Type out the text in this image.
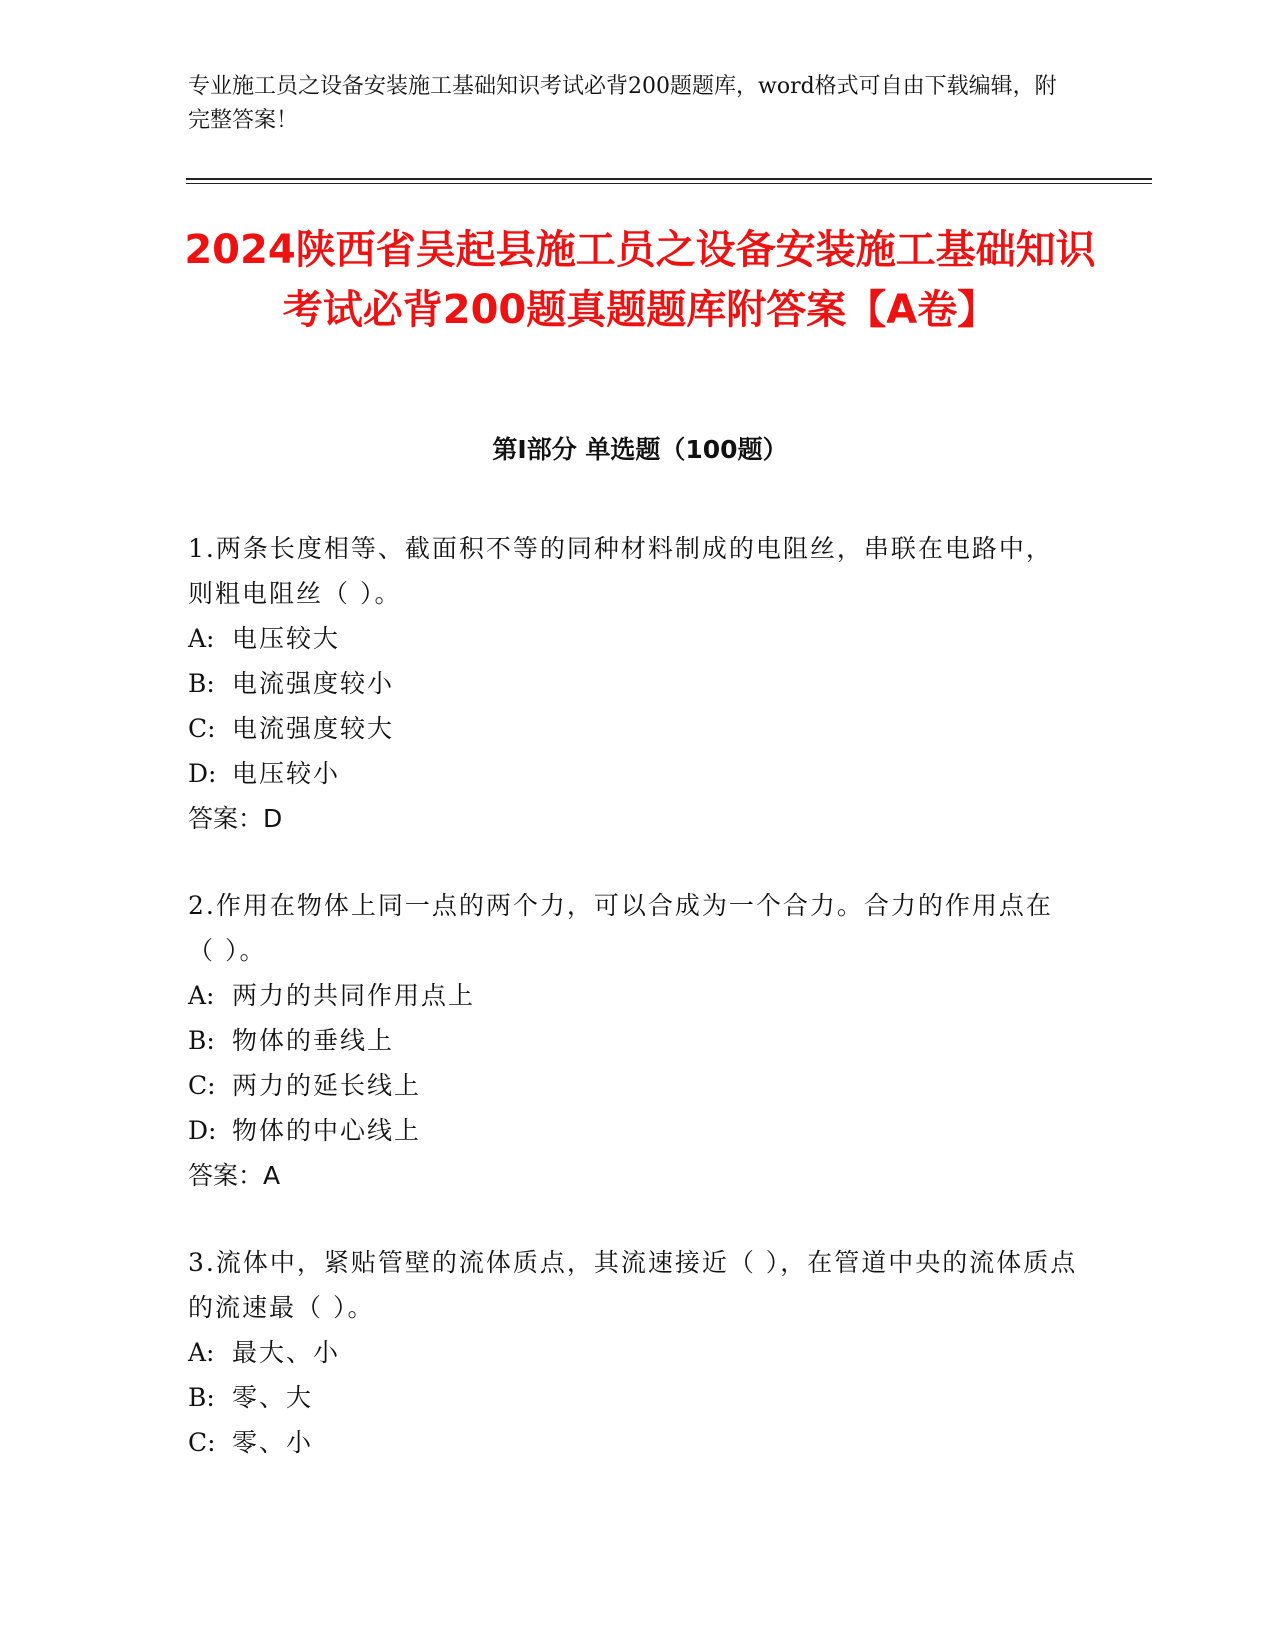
专业施工员之设备安装施工基础知识考试必背200题题库，word格式可自由下载编辑，附完整答案！

2024陕西省吴起县施工员之设备安装施工基础知识考试必背200题真题题库附答案【A卷】
第I部分 单选题（100题）

1.两条长度相等、截面积不等的同种材料制成的电阻丝，串联在电路中，则粗电阻丝（ ）。

A: 电压较大

B: 电流强度较小

C: 电流强度较大

D: 电压较小

答案：D

2.作用在物体上同一点的两个力，可以合成为一个合力。合力的作用点在（ ）。

A: 两力的共同作用点上

B: 物体的垂线上

C: 两力的延长线上

D: 物体的中心线上

答案：A

3.流体中，紧贴管壁的流体质点，其流速接近（ ），在管道中央的流体质点的流速最（ ）。

A: 最大、小

B: 零、大

C: 零、小
